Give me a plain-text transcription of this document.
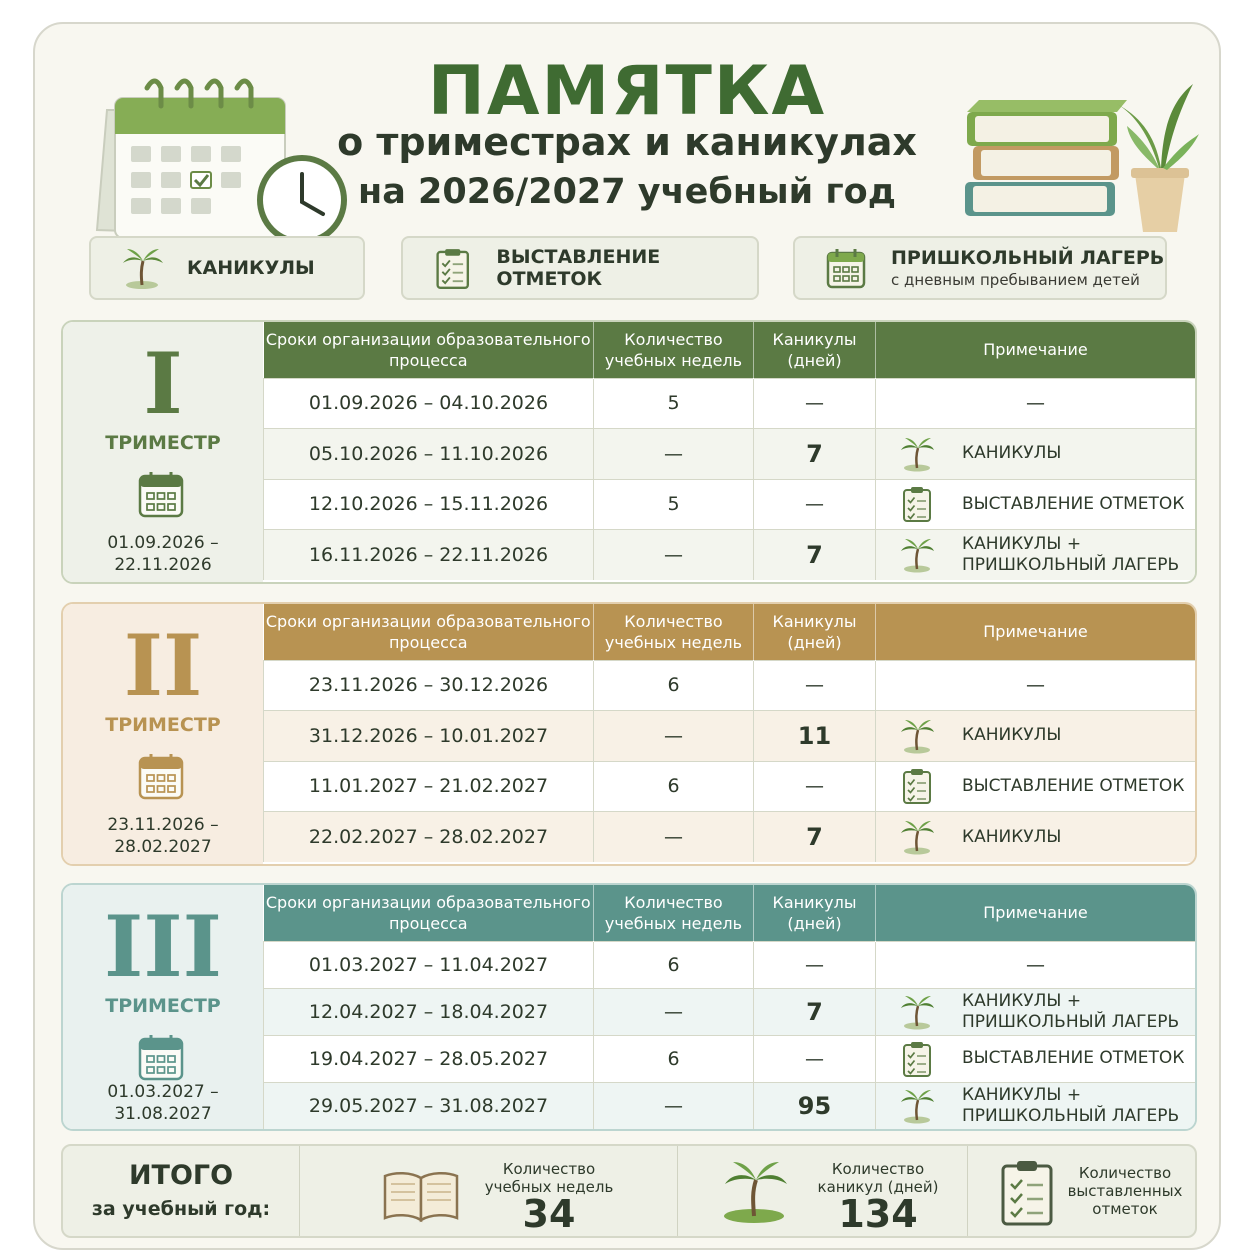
ПАМЯТКА
о триместрах и каникулах
на 2026/2027 учебный год
КАНИКУЛЫ	ВЫСТАВЛЕНИЕ ОТМЕТОК
ПРИШКОЛЬНЫЙ ЛАГЕРЬ
с дневным пребыванием детей
I
ТРИМЕСТР
01.09.2026 – 22.11.2026
Сроки организации образовательного процесса	Количество учебных недель	Каникулы (дней)	Примечание
01.09.2026 – 04.10.2026	5	—	—
05.10.2026 – 11.10.2026	—	7	КАНИКУЛЫ

12.10.2026 – 15.11.2026	5	—	ВЫСТАВЛЕНИЕ ОТМЕТОК

16.11.2026 – 22.11.2026	—	7	КАНИКУЛЫ + ПРИШКОЛЬНЫЙ ЛАГЕРЬ
II
ТРИМЕСТР
23.11.2026 – 28.02.2027
Сроки организации образовательного процесса	Количество учебных недель	Каникулы (дней)	Примечание
23.11.2026 – 30.12.2026	6	—	—
31.12.2026 – 10.01.2027	—	11	КАНИКУЛЫ

11.01.2027 – 21.02.2027	6	—	ВЫСТАВЛЕНИЕ ОТМЕТОК

22.02.2027 – 28.02.2027	—	7	КАНИКУЛЫ
III
ТРИМЕСТР
01.03.2027 – 31.08.2027
Сроки организации образовательного процесса	Количество учебных недель	Каникулы (дней)	Примечание
01.03.2027 – 11.04.2027	6	—	—
12.04.2027 – 18.04.2027	—	7	КАНИКУЛЫ + ПРИШКОЛЬНЫЙ ЛАГЕРЬ

19.04.2027 – 28.05.2027	6	—	ВЫСТАВЛЕНИЕ ОТМЕТОК

29.05.2027 – 31.08.2027	—	95	КАНИКУЛЫ + ПРИШКОЛЬНЫЙ ЛАГЕРЬ
ИТОГО
за учебный год:
Количество учебных недель
34
Количество каникул (дней)
134
Количество выставленных отметок
